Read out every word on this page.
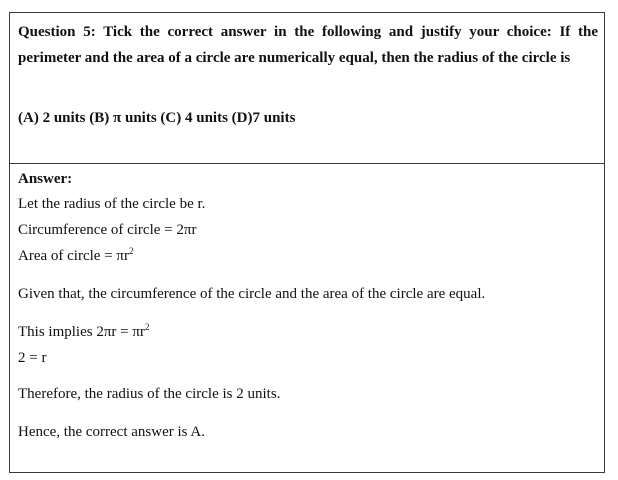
Question 5: Tick the correct answer in the following and justify your choice: If the perimeter and the area of a circle are numerically equal, then the radius of the circle is

(A) 2 units (B) π units (C) 4 units (D)7 units

Answer:

Let the radius of the circle be r.

Circumference of circle = 2πr

Area of circle = $\pi r^2$

Given that, the circumference of the circle and the area of the circle are equal.

This implies $2\pi r = \pi r^2$

2 = r

Therefore, the radius of the circle is 2 units.

Hence, the correct answer is A.
